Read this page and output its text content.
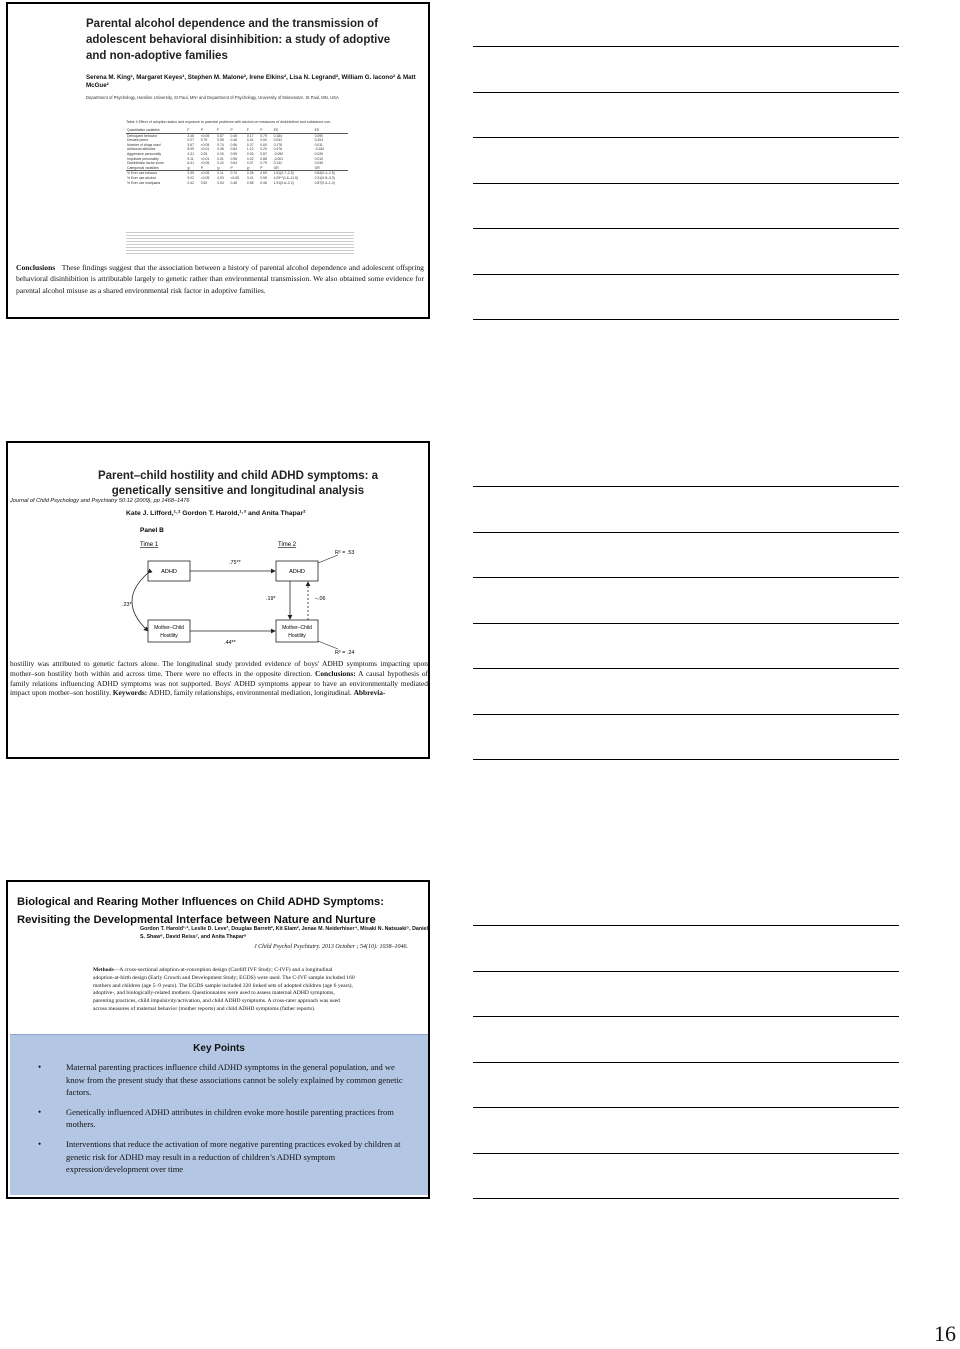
Parental alcohol dependence and the transmission of adolescent behavioral disinhibition: a study of adoptive and non-adoptive families
Serena M. King¹, Margaret Keyes², Stephen M. Malone², Irene Elkins², Lisa N. Legrand², William G. Iacono² & Matt McGue²
Department of Psychology, Hamline University, St Paul, MN¹ and Department of Psychology, University of Minnesota², St Paul, MN, USA
Table 4 Effect of adoption status and exposure to parental problems with alcohol on measures of disinhibition and substance use.
Quantitative variables	F	P	F	P	F	P	ES	ES
Delinquent behavior	3.48	<0.05	0.57	0.45	0.17	0.79	0.184	0.090
Deviant peers	0.07	0.79	0.55	0.46	0.41	0.50	0.032	0.204
Number of drugs used	3.67	<0.05	0.74	0.56	0.27	0.60	0.178	0.011
Antisocial attitudes	8.99	<0.01	0.08	0.84	1.12	0.29	0.376	-0.184
Aggressive personality	2.31	0.25	0.00	0.99	0.03	0.87	-0.090	0.026
Impulsive personality	9.11	<0.01	0.01	0.96	0.22	0.88	-0.001	0.010
Disinhibition factor score	6.41	<0.05	0.22	0.64	0.07	0.79	0.132	0.039
Categorical variables	χ²	P	χ²	P	χ²	P	OR	OR
% Ever use tobacco	2.55	<0.05	0.11	0.74	0.28	0.60	1.51(0.7–2.5)	0.84(0.4–2.5)
% Ever use alcohol	9.02	<0.05	4.93	<0.05	3.41	0.98	4.29**(1.6–11.5)	2.31(0.8–3.3)
% Ever use marijuana	0.42	0.52	0.53	0.48	0.55	0.46	1.91(0.6–2.2)	0.87(0.3–1.4)
Conclusions These findings suggest that the association between a history of parental alcohol dependence and adolescent offspring behavioral disinhibition is attributable largely to genetic rather than environmental transmission. We also obtained some evidence for parental alcohol misuse as a shared environmental risk factor in adoptive families.
Parent–child hostility and child ADHD symptoms: a genetically sensitive and longitudinal analysis
Journal of Child Psychology and Psychiatry 50:12 (2009), pp 1468–1476
Kate J. Lifford,¹·² Gordon T. Harold,¹·³ and Anita Thapar²
Panel B
Time 1	Time 2
ADHD	ADHD
Mother–Child
Hostility
Mother–Child
Hostility
.75**
.19*	–.06
.23*
.44**
R² = .53
R² = .24
hostility was attributed to genetic factors alone. The longitudinal study provided evidence of boys' ADHD symptoms impacting upon mother–son hostility both within and across time. There were no effects in the opposite direction. Conclusions: A causal hypothesis of family relations influencing ADHD symptoms was not supported. Boys' ADHD symptoms appear to have an environmentally mediated impact upon mother–son hostility. Keywords: ADHD, family relationships, environmental mediation, longitudinal. Abbrevia-
Biological and Rearing Mother Influences on Child ADHD Symptoms: Revisiting the Developmental Interface between Nature and Nurture
Gordon T. Harold¹·², Leslie D. Leve³, Douglas Barrett², Kit Elam², Jenae M. Neiderhiser⁴, Misaki N. Natsuaki⁵, Daniel S. Shaw⁶, David Reiss⁷, and Anita Thapar⁸
J Child Psychol Psychiatry. 2013 October ; 54(10): 1038–1046.
Methods—A cross-sectional adoption-at-conception design (Cardiff IVF Study; C-IVF) and a longitudinal adoption-at-birth design (Early Growth and Development Study; EGDS) were used. The C-IVF sample included 160 mothers and children (age 5–9 years). The EGDS sample included 320 linked sets of adopted children (age 6 years), adoptive-, and biologically-related mothers. Questionnaires were used to assess maternal ADHD symptoms, parenting practices, child impulsivity/activation, and child ADHD symptoms. A cross-rater approach was used across measures of maternal behavior (mother reports) and child ADHD symptoms (father reports).
Key Points
• Maternal parenting practices influence child ADHD symptoms in the general population, and we know from the present study that these associations cannot be solely explained by common genetic factors.
• Genetically influenced ADHD attributes in children evoke more hostile parenting practices from mothers.
• Interventions that reduce the activation of more negative parenting practices evoked by children at genetic risk for ADHD may result in a reduction of children’s ADHD symptom expression/development over time
16
